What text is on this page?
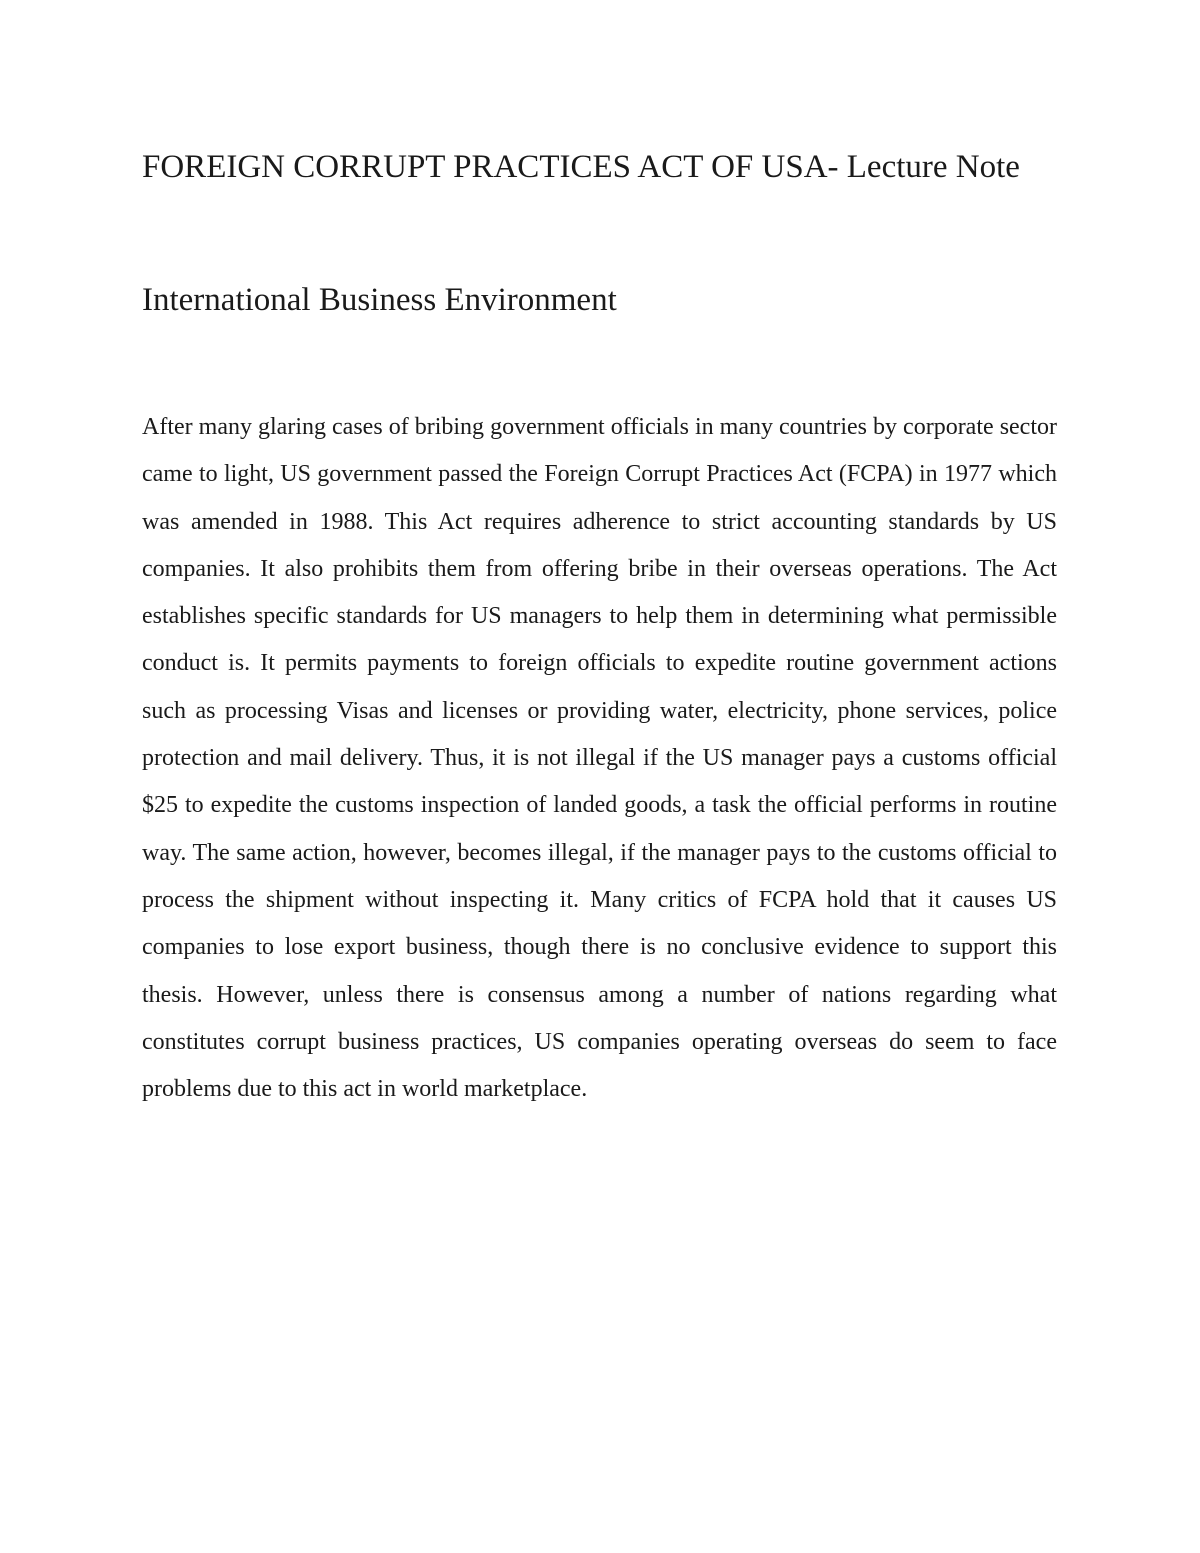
FOREIGN CORRUPT PRACTICES ACT OF USA- Lecture Note
International Business Environment

After many glaring cases of bribing government officials in many countries by corporate sector came to light, US government passed the Foreign Corrupt Practices Act (FCPA) in 1977 which was amended in 1988. This Act requires adherence to strict accounting standards by US companies. It also prohibits them from offering bribe in their overseas operations. The Act establishes specific standards for US managers to help them in determining what permissible conduct is. It permits payments to foreign officials to expedite routine government actions such as processing Visas and licenses or providing water, electricity, phone services, police protection and mail delivery. Thus, it is not illegal if the US manager pays a customs official $25 to expedite the customs inspection of landed goods, a task the official performs in routine way. The same action, however, becomes illegal, if the manager pays to the customs official to process the shipment without inspecting it. Many critics of FCPA hold that it causes US companies to lose export business, though there is no conclusive evidence to support this thesis. However, unless there is consensus among a number of nations regarding what constitutes corrupt business practices, US companies operating overseas do seem to face problems due to this act in world marketplace.
